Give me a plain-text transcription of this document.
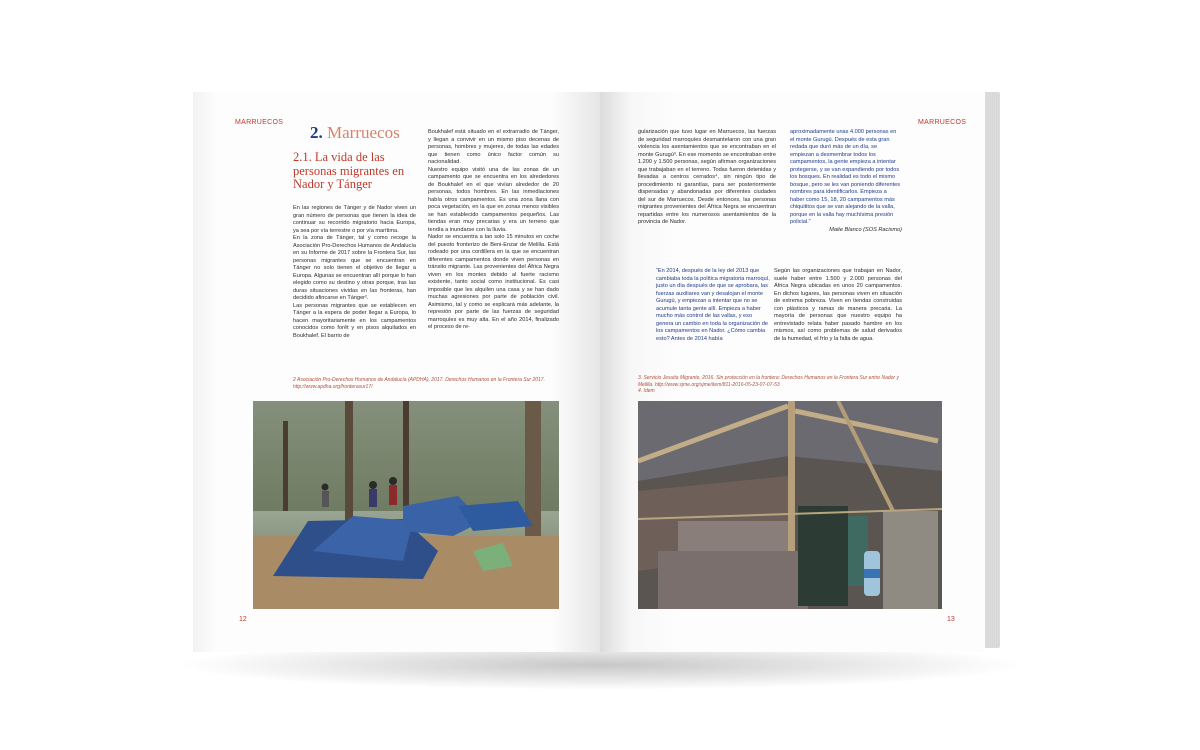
MARRUECOS
2. Marruecos
2.1. La vida de las personas migrantes en Nador y Tánger

En las regiones de Tánger y de Nador viven un gran número de personas que tienen la idea de continuar su recorrido migratorio hacia Europa, ya sea por vía terrestre o por vía marítima.

En la zona de Tánger, tal y como recoge la Asociación Pro-Derechos Humanos de Andalucía en su Informe de 2017 sobre la Frontera Sur, las personas migrantes que se encuentran en Tánger no solo tienen el objetivo de llegar a Europa. Algunas se encuentran allí porque lo han elegido como su destino y otras porque, tras las duras situaciones vividas en las fronteras, han decidido afincarse en Tánger².

Las personas migrantes que se establecen en Tánger a la espera de poder llegar a Europa, lo hacen mayoritariamente en los campamentos conocidos como forêt y en pisos alquilados en Boukhalef. El barrio de

Boukhalef está situado en el extrarradio de Tánger, y llegan a convivir en un mismo piso decenas de personas, hombres y mujeres, de todas las edades que tienen como único factor común su nacionalidad.

Nuestro equipo visitó una de las zonas de un campamento que se encuentra en los alrededores de Boukhalef en el que vivían alrededor de 20 personas, todos hombres. En las inmediaciones había otros campamentos. Es una zona llana con poca vegetación, en la que en zonas menos visibles se han establecido campamentos pequeños. Las tiendas eran muy precarias y era un terreno que tendía a inundarse con la lluvia.

Nador se encuentra a tan solo 15 minutos en coche del puesto fronterizo de Beni-Enzar de Melilla. Está rodeado por una cordillera en la que se encuentran diferentes campamentos donde viven personas en tránsito migrante. Las provenientes del África Negra viven en los montes debido al fuerte racismo existente, tanto social como institucional. Es casi imposible que les alquilen una casa y se han dado muchas agresiones por parte de población civil. Asimismo, tal y como se explicará más adelante, la represión por parte de las fuerzas de seguridad marroquíes es muy alta. En el año 2014, finalizado el proceso de re-

2 Asociación Pro-Derechos Humanos de Andalucía (APDHA), 2017. Derechos Humanos en la Frontera Sur 2017. http://www.apdha.org/fronterasur17/
12
MARRUECOS
gularización que tuvo lugar en Marruecos, las fuerzas de seguridad marroquíes desmantelaron con una gran violencia los asentamientos que se encontraban en el monte Gurugú³. En ese momento se encontraban entre 1.200 y 1.500 personas, según afirman organizaciones que trabajaban en el terreno. Todas fueron detenidas y llevadas a centros cerrados⁴, sin ningún tipo de procedimiento ni garantías, para ser posteriormente dispersadas y abandonadas por diferentes ciudades del sur de Marruecos. Desde entonces, las personas migrantes provenientes del África Negra se encuentran repartidas entre los numerosos asentamientos de la provincia de Nador.
aproximadamente unas 4.000 personas en el monte Gurugú. Después de esta gran redada que duró más de un día, se empiezan a desmembrar todos los campamentos, la gente empieza a intentar protegerse, y se van expandiendo por todos los bosques. En realidad es todo el mismo bosque, pero se les van poniendo diferentes nombres para identificarlos. Empieza a haber como 15, 18, 20 campamentos más chiquititos que se van alejando de la valla, porque en la valla hay muchísima presión policial.”
Maite Blanco (SOS Racismo)
“En 2014, después de la ley del 2013 que cambiaba toda la política migratoria marroquí, justo un día después de que se aprobara, las fuerzas auxiliares van y desalojan el monte Gurugú, y empiezan a intentar que no se acumule tanta gente allí. Empieza a haber mucho más control de las vallas, y eso genera un cambio en toda la organización de los campamentos en Nador. ¿Cómo cambia esto? Antes de 2014 había
Según las organizaciones que trabajan en Nador, suele haber entre 1.500 y 2.000 personas del África Negra ubicadas en unos 20 campamentos. En dichos lugares, las personas viven en situación de extrema pobreza. Viven en tiendas construidas con plásticos y ramas de manera precaria. La mayoría de personas que nuestro equipo ha entrevistado relata haber pasado hambre en los mismos, así como problemas de salud derivados de la humedad, el frío y la falta de agua.
3. Servicio Jesuita Migrante, 2016. Sin protección en la frontera: Derechos Humanos en la Frontera Sur entre Nador y Melilla. http://www.sjme.org/sjme/item/811-2016-05-23-07-07-53
4. Idem
13
